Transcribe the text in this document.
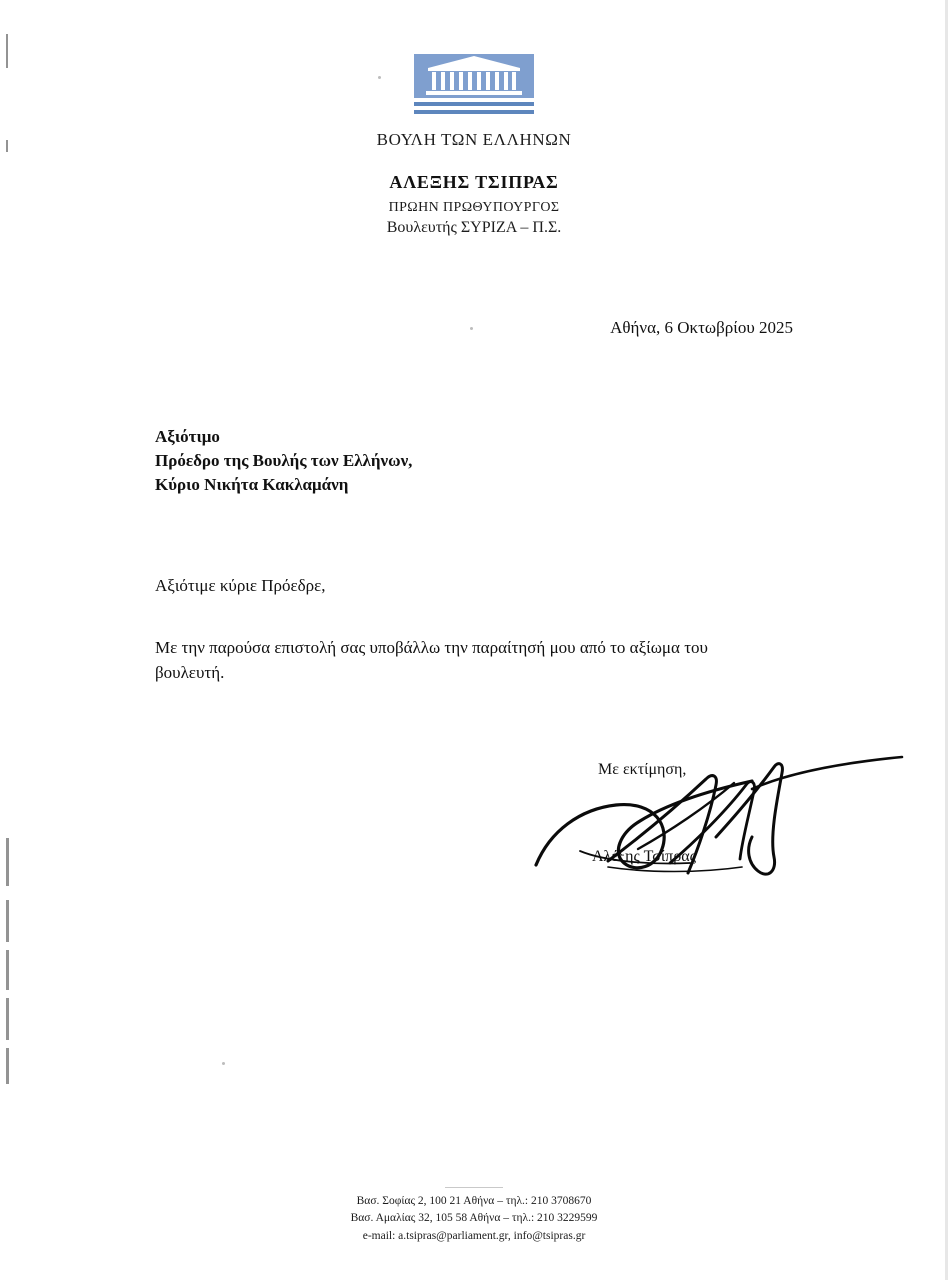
ΒΟΥΛΗ ΤΩΝ ΕΛΛΗΝΩΝ
ΑΛΕΞΗΣ ΤΣΙΠΡΑΣ
ΠΡΩΗΝ ΠΡΩΘΥΠΟΥΡΓΟΣ
Βουλευτής ΣΥΡΙΖΑ – Π.Σ.
Αθήνα, 6 Οκτωβρίου 2025
Αξιότιμο
Πρόεδρο της Βουλής των Ελλήνων,
Κύριο Νικήτα Κακλαμάνη
Αξιότιμε κύριε Πρόεδρε,
Με την παρούσα επιστολή σας υποβάλλω την παραίτησή μου από το αξίωμα του βουλευτή.
Με εκτίμηση,
Αλέξης Τσίπρας
Βασ. Σοφίας 2, 100 21 Αθήνα – τηλ.: 210 3708670
Βασ. Αμαλίας 32, 105 58 Αθήνα – τηλ.: 210 3229599
e-mail: a.tsipras@parliament.gr, info@tsipras.gr
